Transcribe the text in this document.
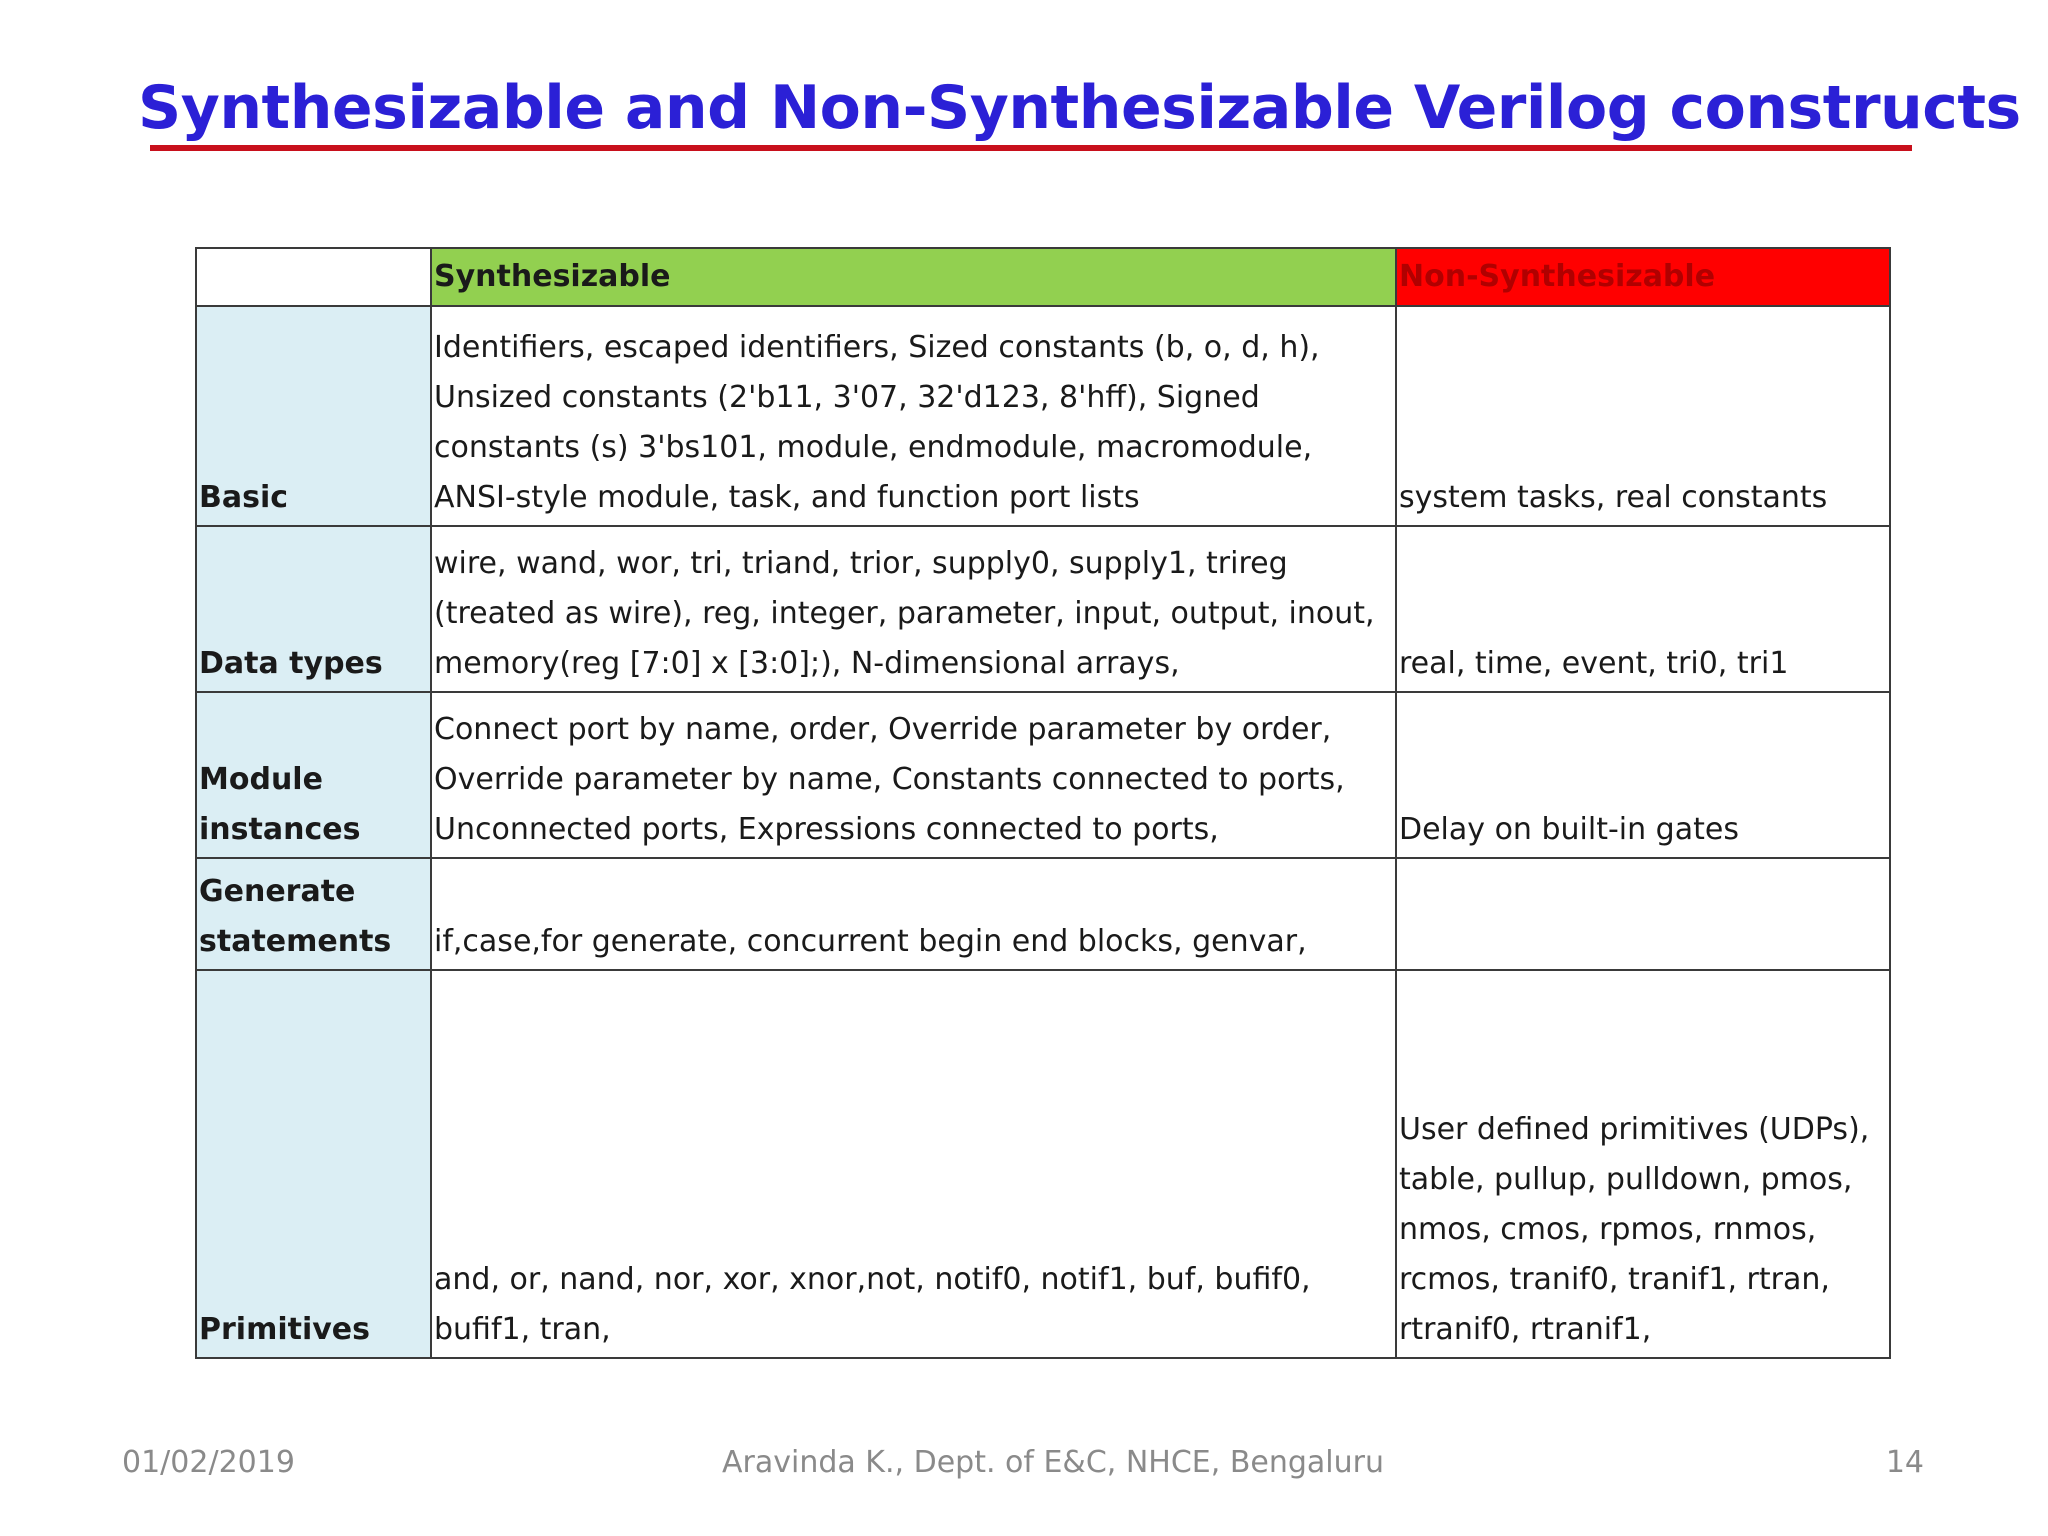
Synthesizable and Non-Synthesizable Verilog constructs
	Synthesizable	Non-Synthesizable
Basic	Identifiers, escaped identifiers, Sized constants (b, o, d, h), Unsized constants (2'b11, 3'07, 32'd123, 8'hff), Signed constants (s) 3'bs101, module, endmodule, macromodule, ANSI-style module, task, and function port lists	system tasks, real constants
Data types	wire, wand, wor, tri, triand, trior, supply0, supply1, trireg (treated as wire), reg, integer, parameter, input, output, inout, memory(reg [7:0] x [3:0];), N-dimensional arrays,	real, time, event, tri0, tri1
Module instances	Connect port by name, order, Override parameter by order, Override parameter by name, Constants connected to ports, Unconnected ports, Expressions connected to ports,	Delay on built-in gates
Generate statements	if,case,for generate, concurrent begin end blocks, genvar,	
Primitives	and, or, nand, nor, xor, xnor,not, notif0, notif1, buf, bufif0, bufif1, tran,	User defined primitives (UDPs), table, pullup, pulldown, pmos, nmos, cmos, rpmos, rnmos, rcmos, tranif0, tranif1, rtran, rtranif0, rtranif1,
01/02/2019	Aravinda K., Dept. of E&C, NHCE, Bengaluru	14
